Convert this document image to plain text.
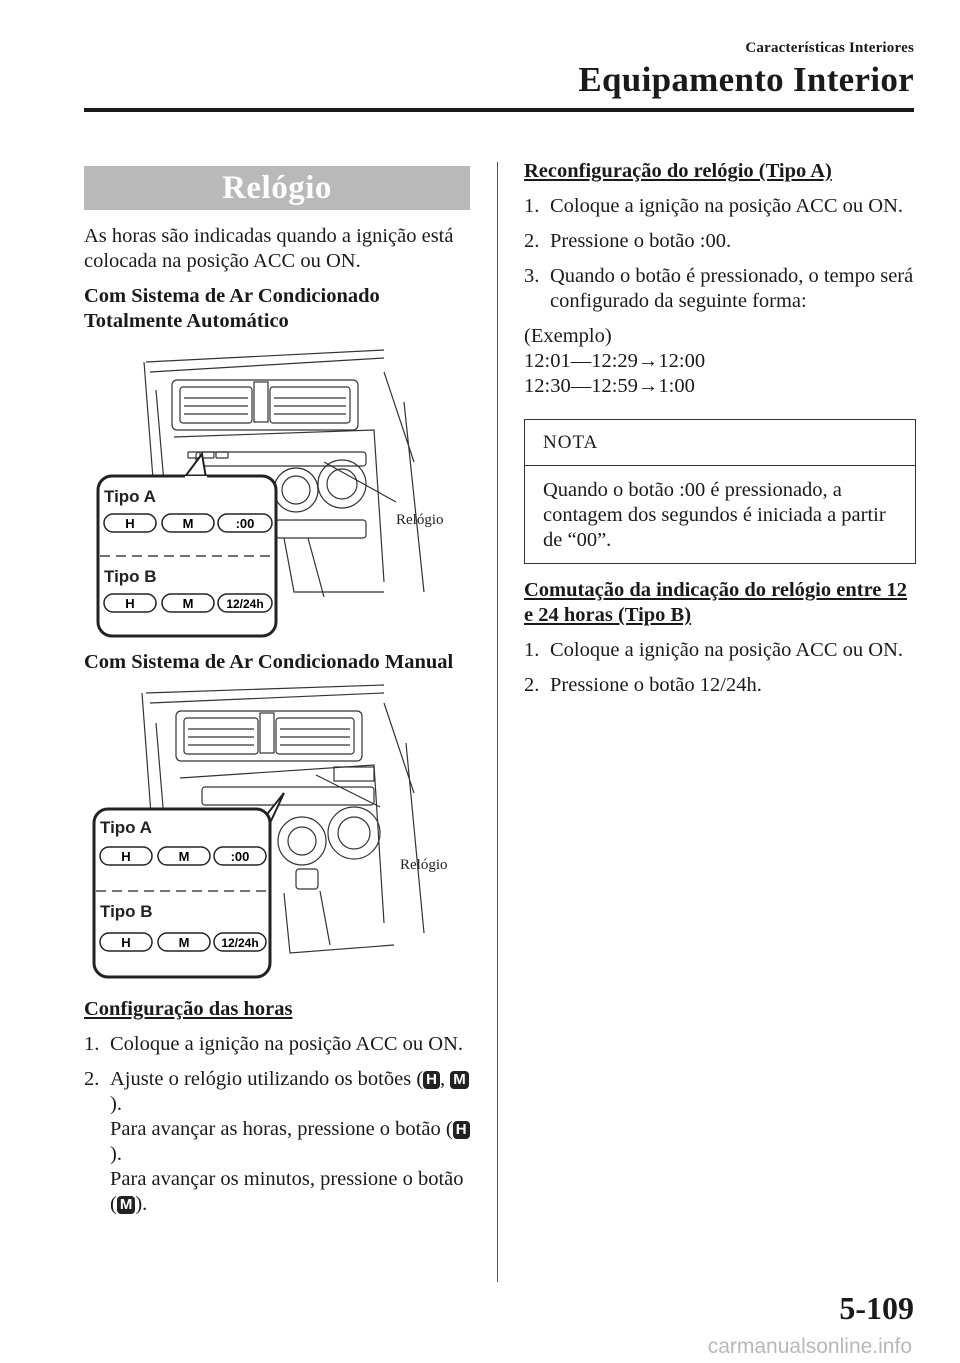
Características Interiores
Equipamento Interior
Relógio

As horas são indicadas quando a ignição está colocada na posição ACC ou ON.

Com Sistema de Ar Condicionado Totalmente Automático

Tipo A
H	M	:00
Tipo B
H	M	12/24h
Relógio

Com Sistema de Ar Condicionado Manual

Tipo A
H	M	:00
Tipo B
H	M	12/24h
Relógio

Configuração das horas

1. Coloque a ignição na posição ACC ou ON.
2. Ajuste o relógio utilizando os botões ( H , M).
Para avançar as horas, pressione o botão ( H).
Para avançar os minutos, pressione o botão ( M ).

Reconfiguração do relógio (Tipo A)

1. Coloque a ignição na posição ACC ou ON.
2. Pressione o botão :00.
3. Quando o botão é pressionado, o tempo será configurado da seguinte forma:

(Exemplo)

12:01—12:29→12:00

12:30—12:59→1:00

NOTA
Quando o botão :00 é pressionado, a contagem dos segundos é iniciada a partir de “00”.

Comutação da indicação do relógio entre 12 e 24 horas (Tipo B)

1. Coloque a ignição na posição ACC ou ON.
2. Pressione o botão 12/24h.
5-109
carmanualsonline.info
